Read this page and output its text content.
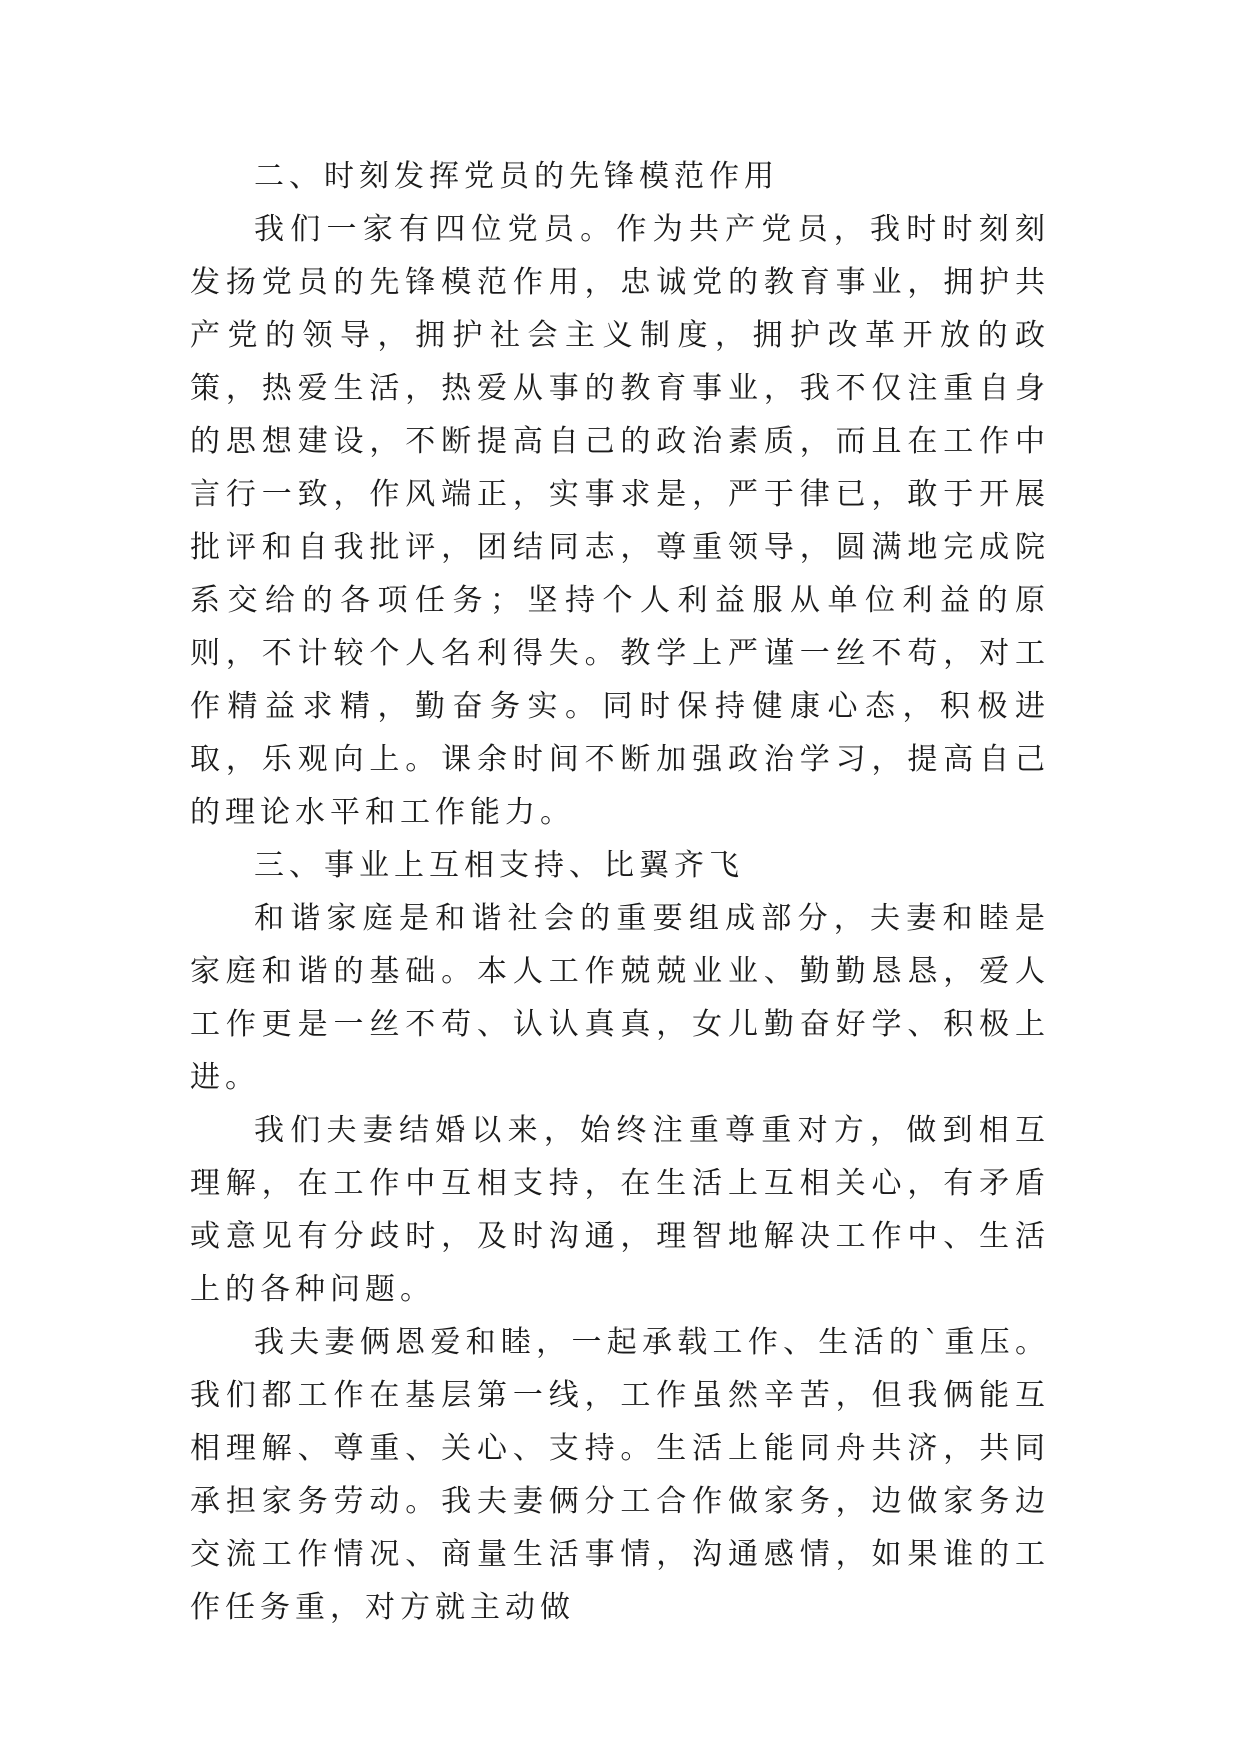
二、时刻发挥党员的先锋模范作用

我们一家有四位党员。作为共产党员，我时时刻刻发扬党员的先锋模范作用，忠诚党的教育事业，拥护共产党的领导，拥护社会主义制度，拥护改革开放的政策，热爱生活，热爱从事的教育事业，我不仅注重自身的思想建设，不断提高自己的政治素质，而且在工作中言行一致，作风端正，实事求是，严于律已，敢于开展批评和自我批评，团结同志，尊重领导，圆满地完成院系交给的各项任务；坚持个人利益服从单位利益的原则，不计较个人名利得失。教学上严谨一丝不苟，对工作精益求精，勤奋务实。同时保持健康心态，积极进取，乐观向上。课余时间不断加强政治学习，提高自己的理论水平和工作能力。

三、事业上互相支持、比翼齐飞

和谐家庭是和谐社会的重要组成部分，夫妻和睦是家庭和谐的基础。本人工作兢兢业业、勤勤恳恳，爱人工作更是一丝不苟、认认真真，女儿勤奋好学、积极上进。

我们夫妻结婚以来，始终注重尊重对方，做到相互理解，在工作中互相支持，在生活上互相关心，有矛盾或意见有分歧时，及时沟通，理智地解决工作中、生活上的各种问题。

我夫妻俩恩爱和睦，一起承载工作、生活的`重压。我们都工作在基层第一线，工作虽然辛苦，但我俩能互相理解、尊重、关心、支持。生活上能同舟共济，共同承担家务劳动。我夫妻俩分工合作做家务，边做家务边交流工作情况、商量生活事情，沟通感情，如果谁的工作任务重，对方就主动做
